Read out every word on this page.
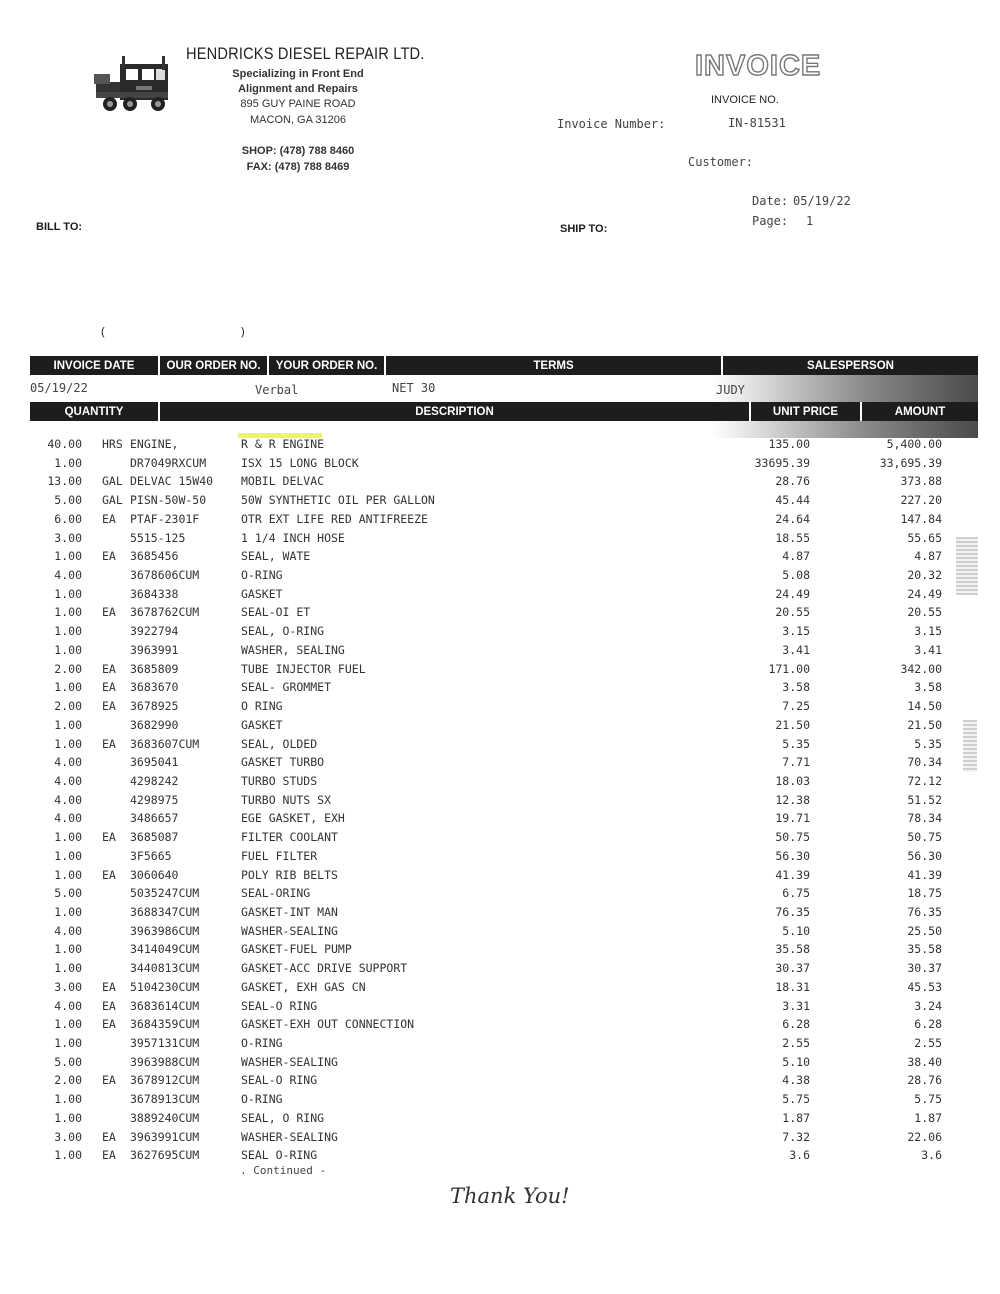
HENDRICKS DIESEL REPAIR LTD.
Specializing in Front End
Alignment and Repairs
895 GUY PAINE ROAD
MACON, GA 31206
SHOP: (478) 788 8460
FAX: (478) 788 8469
INVOICE
INVOICE NO.
Invoice Number:	IN-81531
Customer:
Date: 05/19/22
Page: 1
BILL TO:	SHIP TO:
(	)
INVOICE DATE	OUR ORDER NO.	YOUR ORDER NO.	TERMS	SALESPERSON
05/19/22	Verbal	NET 30	JUDY
QUANTITY	DESCRIPTION	UNIT PRICE	AMOUNT
40.00 HRS ENGINE,	R & R ENGINE	135.00	5,400.00
1.00	DR7049RXCUM	ISX 15 LONG BLOCK	33695.39	33,695.39
13.00 GAL DELVAC 15W40 MOBIL DELVAC	28.76	373.88
5.00 GAL PISN-50W-50	50W SYNTHETIC OIL PER GALLON	45.44	227.20
6.00 EA PTAF-2301F	OTR EXT LIFE RED ANTIFREEZE	24.64	147.84
3.00	5515-125	1 1/4 INCH HOSE	18.55	55.65
1.00 EA 3685456	SEAL, WATE	4.87	4.87
4.00	3678606CUM	O-RING	5.08	20.32
1.00	3684338	GASKET	24.49	24.49
1.00 EA 3678762CUM	SEAL-OI ET	20.55	20.55
1.00	3922794	SEAL, O-RING	3.15	3.15
1.00	3963991	WASHER, SEALING	3.41	3.41
2.00 EA 3685809	TUBE INJECTOR FUEL	171.00	342.00
1.00 EA 3683670	SEAL- GROMMET	3.58	3.58
2.00 EA 3678925	O RING	7.25	14.50
1.00	3682990	GASKET	21.50	21.50
1.00 EA 3683607CUM	SEAL, OLDED	5.35	5.35
4.00	3695041	GASKET TURBO	7.71	70.34
4.00	4298242	TURBO STUDS	18.03	72.12
4.00	4298975	TURBO NUTS SX	12.38	51.52
4.00	3486657	EGE GASKET, EXH	19.71	78.34
1.00 EA 3685087	FILTER COOLANT	50.75	50.75
1.00	3F5665	FUEL FILTER	56.30	56.30
1.00 EA 3060640	POLY RIB BELTS	41.39	41.39
5.00	5035247CUM	SEAL-ORING	6.75	18.75
1.00	3688347CUM	GASKET-INT MAN	76.35	76.35
4.00	3963986CUM	WASHER-SEALING	5.10	25.50
1.00	3414049CUM	GASKET-FUEL PUMP	35.58	35.58
1.00	3440813CUM	GASKET-ACC DRIVE SUPPORT	30.37	30.37
3.00 EA 5104230CUM	GASKET, EXH GAS CN	18.31	45.53
4.00 EA 3683614CUM	SEAL-O RING	3.31	3.24
1.00 EA 3684359CUM	GASKET-EXH OUT CONNECTION	6.28	6.28
1.00	3957131CUM	O-RING	2.55	2.55
5.00	3963988CUM	WASHER-SEALING	5.10	38.40
2.00 EA 3678912CUM	SEAL-O RING	4.38	28.76
1.00	3678913CUM	O-RING	5.75	5.75
1.00	3889240CUM	SEAL, O RING	1.87	1.87
3.00 EA 3963991CUM	WASHER-SEALING	7.32	22.06
1.00 EA 3627695CUM	SEAL O-RING	3.6	3.6
. Continued -
Thank You!
